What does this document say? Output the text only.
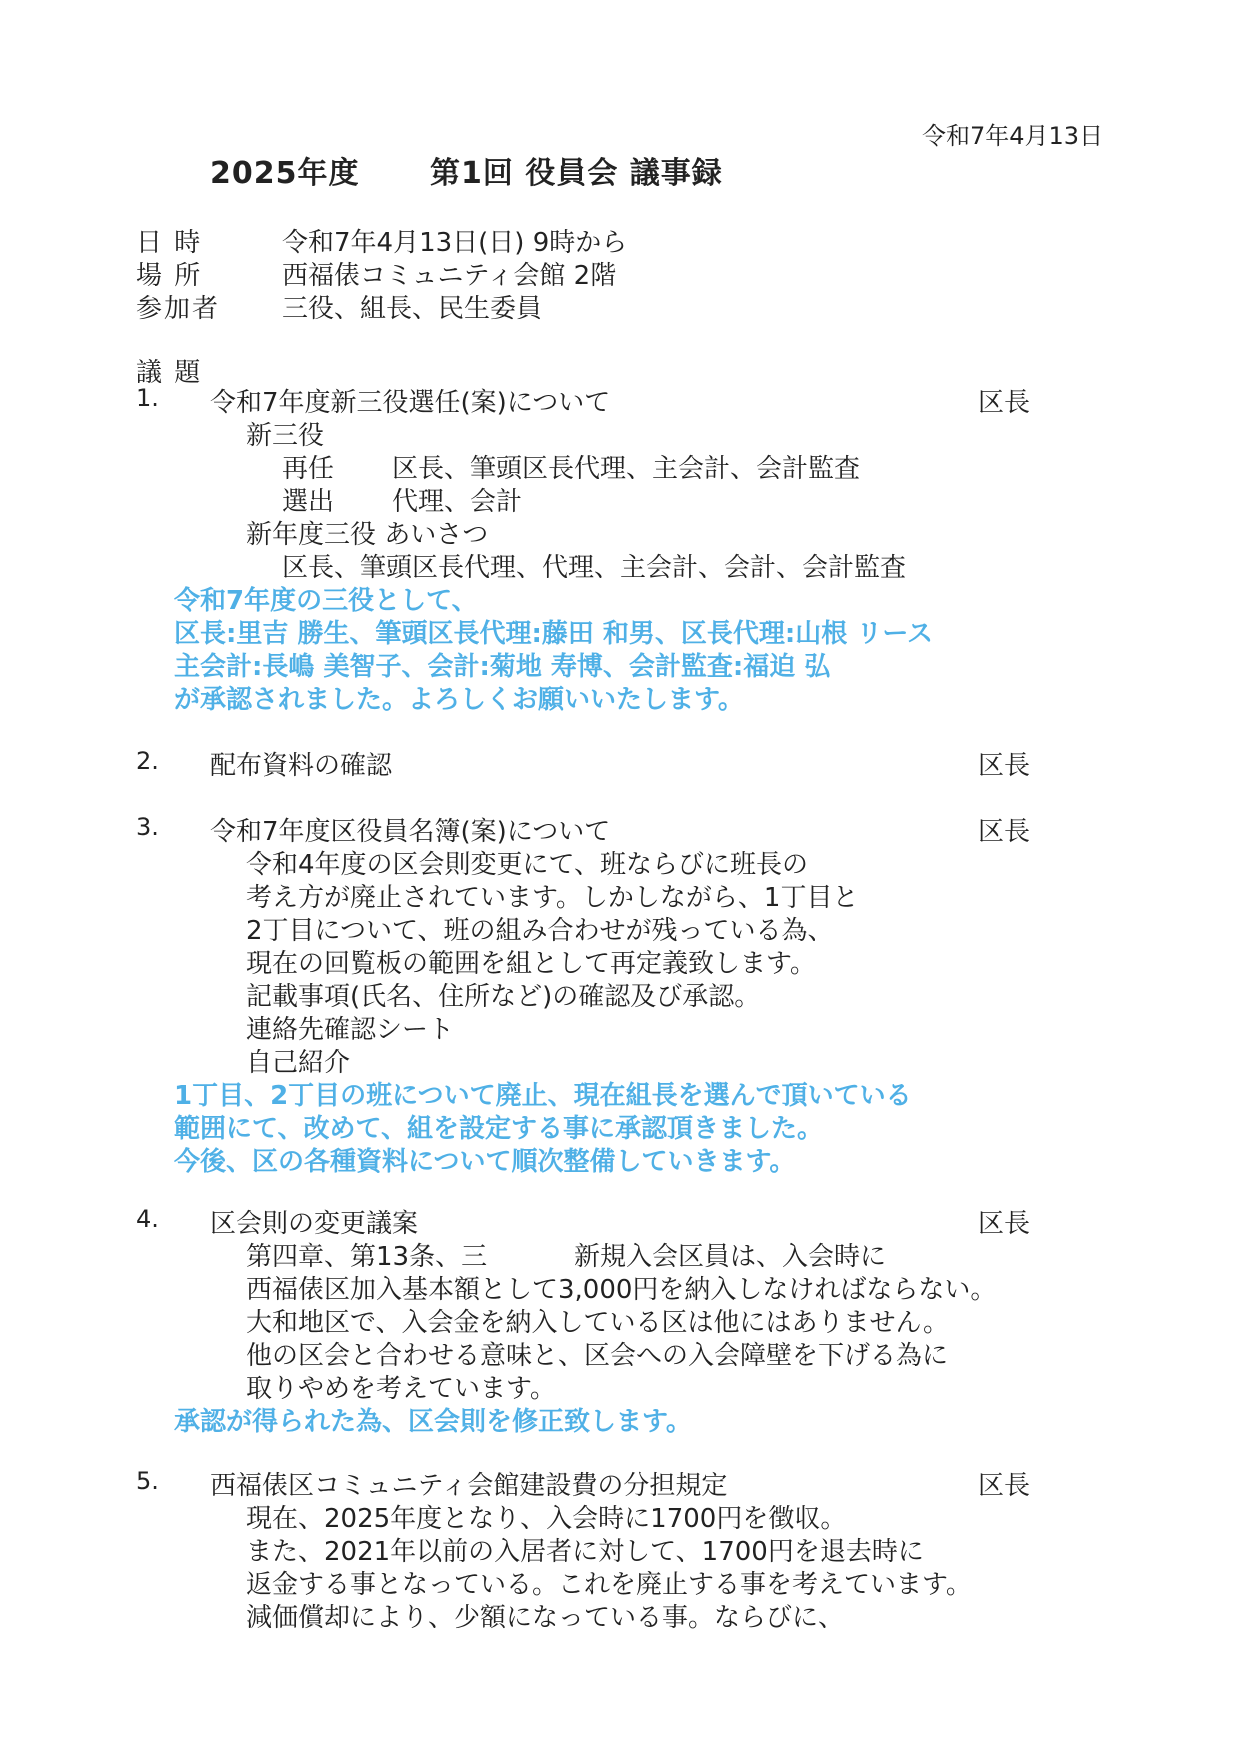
令和7年4月13日
2025年度 第1回 役員会 議事録
日 時	令和7年4月13日(日) 9時から
場 所	西福俵コミュニティ会館 2階
参加者 三役、組長、民生委員
議 題
1. 令和7年度新三役選任(案)について	区長
新三役
再任 区長、筆頭区長代理、主会計、会計監査
選出 代理、会計
新年度三役 あいさつ
区長、筆頭区長代理、代理、主会計、会計、会計監査
令和7年度の三役として、
区長:里吉 勝生、筆頭区長代理:藤田 和男、区長代理:山根 リース
主会計:長嶋 美智子、会計:菊地 寿博、会計監査:福迫 弘
が承認されました。よろしくお願いいたします。
2. 配布資料の確認	区長
3. 令和7年度区役員名簿(案)について	区長
令和4年度の区会則変更にて、班ならびに班長の
考え方が廃止されています。しかしながら、1丁目と
2丁目について、班の組み合わせが残っている為、
現在の回覧板の範囲を組として再定義致します。
記載事項(氏名、住所など)の確認及び承認。
連絡先確認シート
自己紹介
1丁目、2丁目の班について廃止、現在組長を選んで頂いている
範囲にて、改めて、組を設定する事に承認頂きました。
今後、区の各種資料について順次整備していきます。
4. 区会則の変更議案	区長
第四章、第13条、三	新規入会区員は、入会時に
西福俵区加入基本額として3,000円を納入しなければならない。
大和地区で、入会金を納入している区は他にはありません。
他の区会と合わせる意味と、区会への入会障壁を下げる為に
取りやめを考えています。
承認が得られた為、区会則を修正致します。
5. 西福俵区コミュニティ会館建設費の分担規定	区長
現在、2025年度となり、入会時に1700円を徴収。
また、2021年以前の入居者に対して、1700円を退去時に
返金する事となっている。これを廃止する事を考えています。
減価償却により、少額になっている事。ならびに、
